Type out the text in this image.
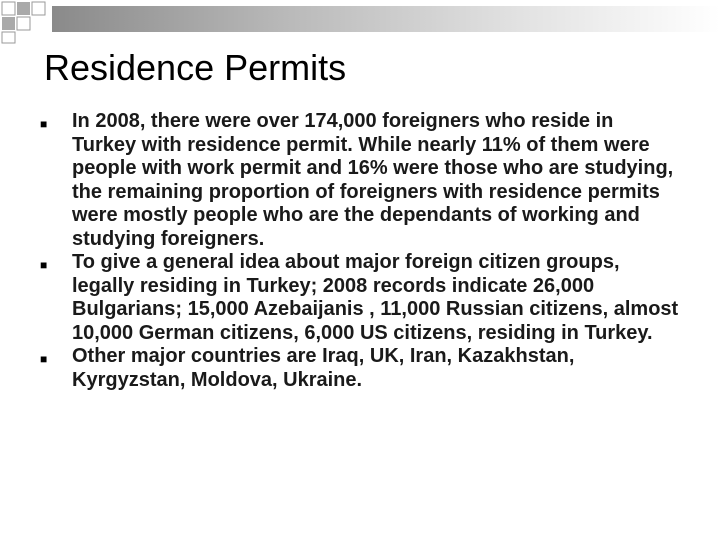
Residence Permits
■	In 2008, there were over 174,000 foreigners who reside in Turkey with residence permit. While nearly 11% of them were people with work permit and 16% were those who are studying, the remaining proportion of foreigners with residence permits were mostly people who are the dependants of working and studying foreigners.
■	To give a general idea about major foreign citizen groups, legally residing in Turkey; 2008 records indicate 26,000 Bulgarians; 15,000 Azebaijanis , 11,000 Russian citizens, almost 10,000 German citizens, 6,000 US citizens, residing in Turkey.
■	Other major countries are Iraq, UK, Iran, Kazakhstan, Kyrgyzstan, Moldova, Ukraine.
